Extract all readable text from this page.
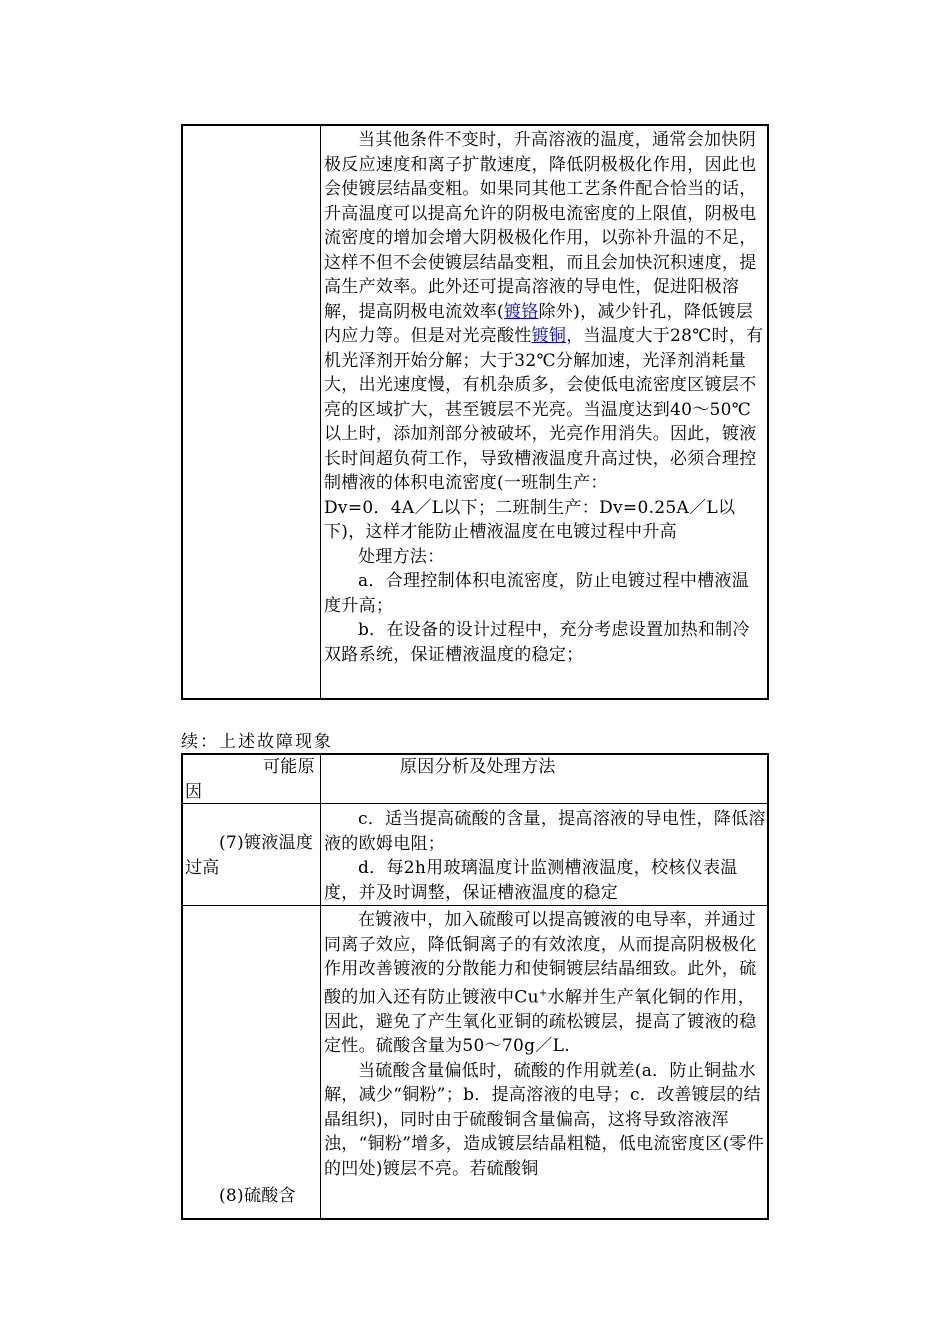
当其他条件不变时，升高溶液的温度，通常会加快阴极反应速度和离子扩散速度，降低阴极极化作用，因此也会使镀层结晶变粗。如果同其他工艺条件配合恰当的话，升高温度可以提高允许的阴极电流密度的上限值，阴极电流密度的增加会增大阴极极化作用，以弥补升温的不足，这样不但不会使镀层结晶变粗，而且会加快沉积速度，提高生产效率。此外还可提高溶液的导电性，促进阳极溶解，提高阴极电流效率(镀铬除外)，减少针孔，降低镀层内应力等。但是对光亮酸性镀铜，当温度大于28℃时，有机光泽剂开始分解；大于32℃分解加速，光泽剂消耗量大，出光速度慢，有机杂质多，会使低电流密度区镀层不亮的区域扩大，甚至镀层不光亮。当温度达到40～50℃以上时，添加剂部分被破坏，光亮作用消失。因此，镀液长时间超负荷工作，导致槽液温度升高过快，必须合理控制槽液的体积电流密度(一班制生产：
Dv=0．4A／L以下；二班制生产：Dv=0.25A／L以
下)，这样才能防止槽液温度在电镀过程中升高

处理方法：

a．合理控制体积电流密度，防止电镀过程中槽液温度升高；

b．在设备的设计过程中，充分考虑设置加热和制冷双路系统，保证槽液温度的稳定；

续：上述故障现象
可能原因
原因分析及处理方法
(7)镀液温度过高

c．适当提高硫酸的含量，提高溶液的导电性，降低溶液的欧姆电阻；

d．每2h用玻璃温度计监测槽液温度，校核仪表温度，并及时调整，保证槽液温度的稳定

(8)硫酸含

在镀液中，加入硫酸可以提高镀液的电导率，并通过同离子效应，降低铜离子的有效浓度，从而提高阴极极化作用改善镀液的分散能力和使铜镀层结晶细致。此外，硫酸的加入还有防止镀液中Cu+水解并生产氧化铜的作用，因此，避免了产生氧化亚铜的疏松镀层，提高了镀液的稳定性。硫酸含量为50～70g／L.

当硫酸含量偏低时，硫酸的作用就差(a．防止铜盐水解，减少“铜粉”；b．提高溶液的电导；c．改善镀层的结晶组织)，同时由于硫酸铜含量偏高，这将导致溶液浑浊，“铜粉”增多，造成镀层结晶粗糙，低电流密度区(零件的凹处)镀层不亮。若硫酸铜
